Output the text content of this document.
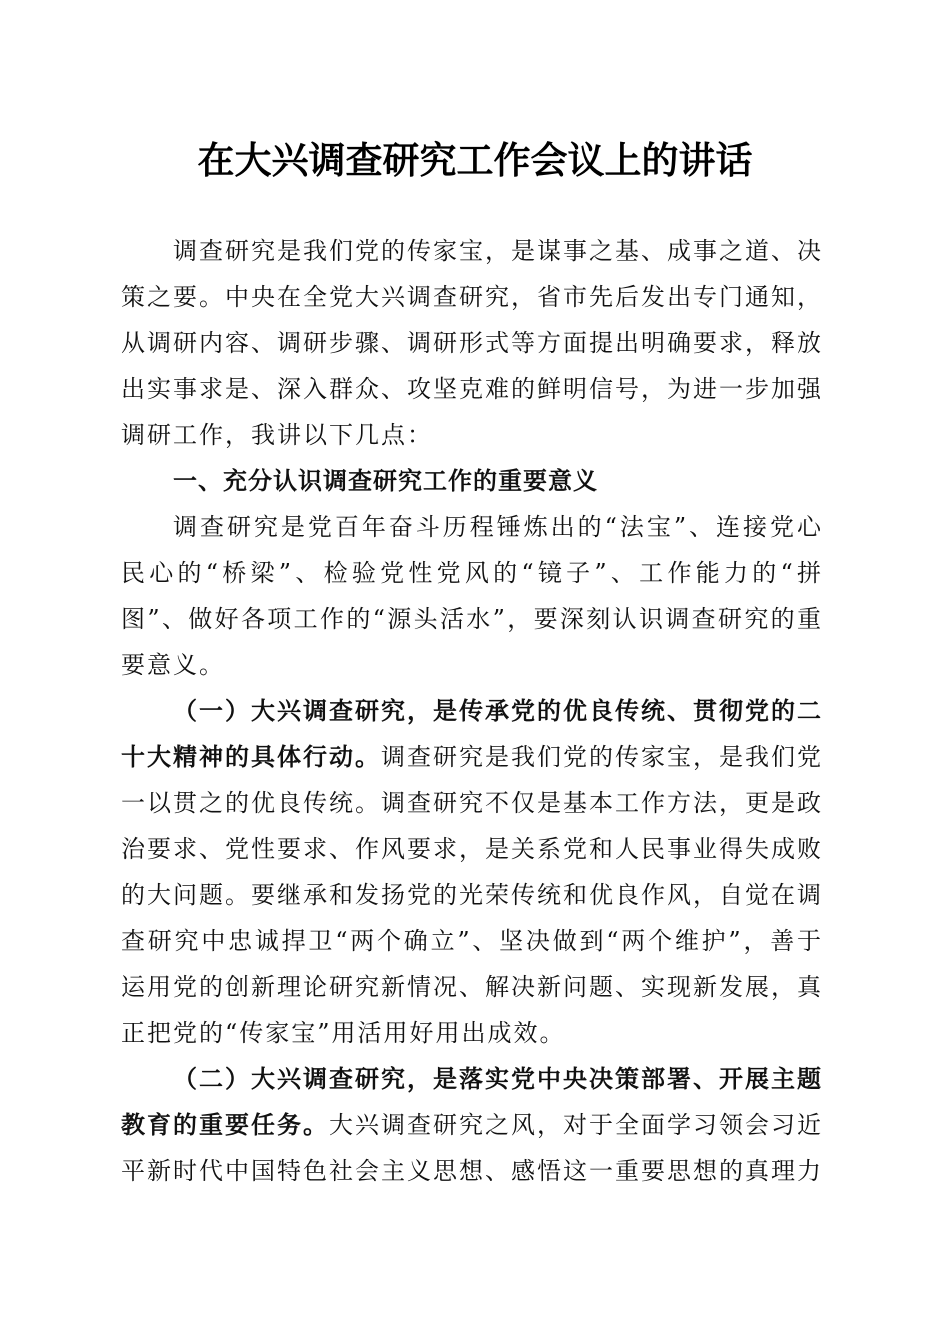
在大兴调查研究工作会议上的讲话

调查研究是我们党的传家宝，是谋事之基、成事之道、决策之要。中央在全党大兴调查研究，省市先后发出专门通知，从调研内容、调研步骤、调研形式等方面提出明确要求，释放出实事求是、深入群众、攻坚克难的鲜明信号，为进一步加强调研工作，我讲以下几点：

一、充分认识调查研究工作的重要意义

调查研究是党百年奋斗历程锤炼出的“法宝”、连接党心民心的“桥梁”、检验党性党风的“镜子”、工作能力的“拼图”、做好各项工作的“源头活水”，要深刻认识调查研究的重要意义。

（一）大兴调查研究，是传承党的优良传统、贯彻党的二十大精神的具体行动。调查研究是我们党的传家宝，是我们党一以贯之的优良传统。调查研究不仅是基本工作方法，更是政治要求、党性要求、作风要求，是关系党和人民事业得失成败的大问题。要继承和发扬党的光荣传统和优良作风，自觉在调查研究中忠诚捍卫“两个确立”、坚决做到“两个维护”，善于运用党的创新理论研究新情况、解决新问题、实现新发展，真正把党的“传家宝”用活用好用出成效。

（二）大兴调查研究，是落实党中央决策部署、开展主题教育的重要任务。大兴调查研究之风，对于全面学习领会习近平新时代中国特色社会主义思想、感悟这一重要思想的真理力
